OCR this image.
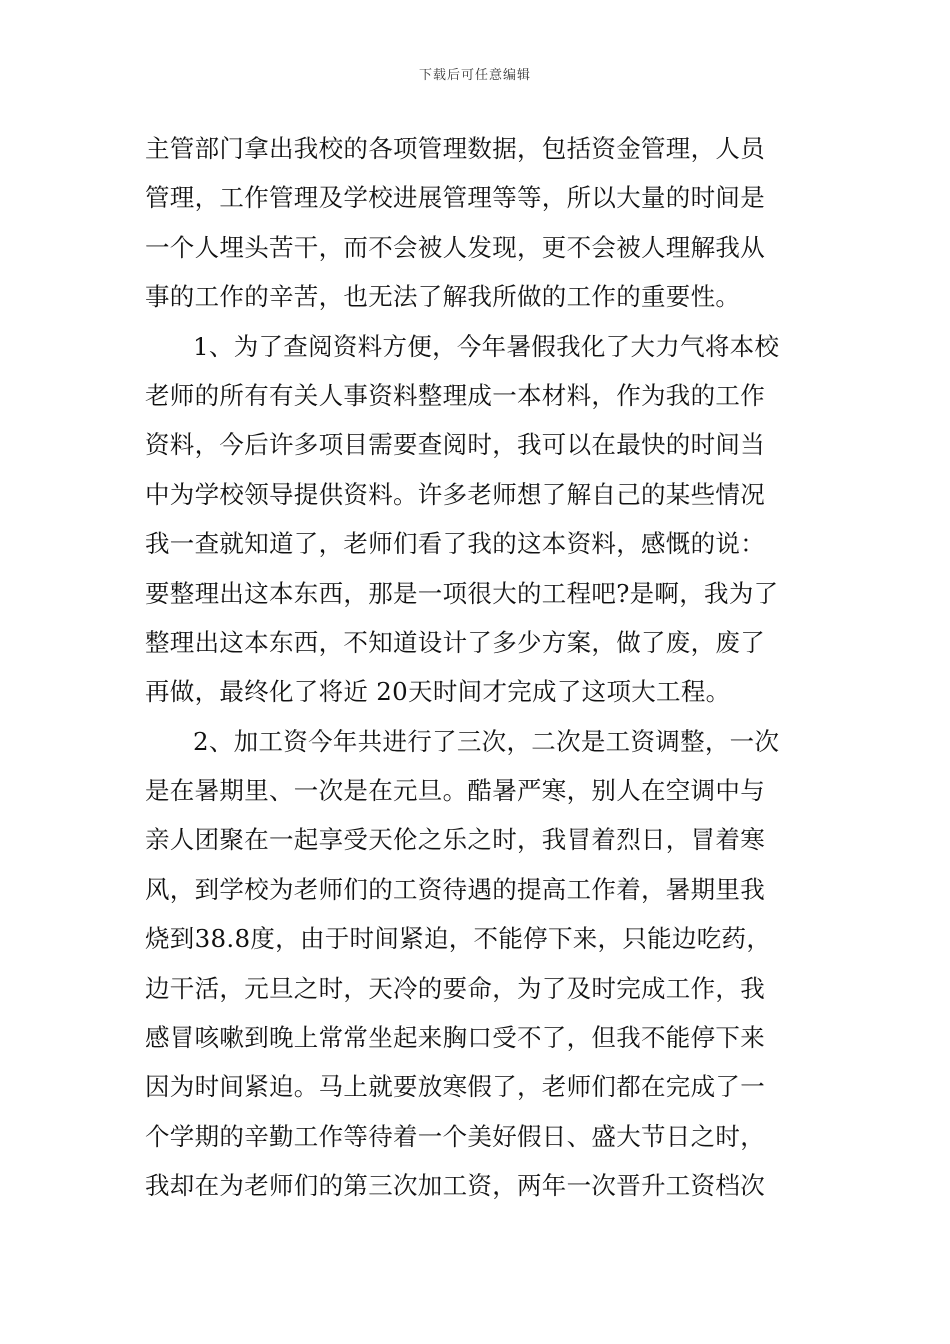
下载后可任意编辑
主管部门拿出我校的各项管理数据，包括资金管理，人员
管理，工作管理及学校进展管理等等，所以大量的时间是
一个人埋头苦干，而不会被人发现，更不会被人理解我从
事的工作的辛苦，也无法了解我所做的工作的重要性。
1、为了查阅资料方便，今年暑假我化了大力气将本校
老师的所有有关人事资料整理成一本材料，作为我的工作
资料，今后许多项目需要查阅时，我可以在最快的时间当
中为学校领导提供资料。许多老师想了解自己的某些情况
我一查就知道了，老师们看了我的这本资料，感慨的说：
要整理出这本东西，那是一项很大的工程吧?是啊，我为了
整理出这本东西，不知道设计了多少方案，做了废，废了
再做，最终化了将近 20天时间才完成了这项大工程。
2、加工资今年共进行了三次，二次是工资调整，一次
是在暑期里、一次是在元旦。酷暑严寒，别人在空调中与
亲人团聚在一起享受天伦之乐之时，我冒着烈日，冒着寒
风，到学校为老师们的工资待遇的提高工作着，暑期里我
烧到38.8度，由于时间紧迫，不能停下来，只能边吃药，
边干活，元旦之时，天冷的要命，为了及时完成工作，我
感冒咳嗽到晚上常常坐起来胸口受不了，但我不能停下来
因为时间紧迫。马上就要放寒假了，老师们都在完成了一
个学期的辛勤工作等待着一个美好假日、盛大节日之时，
我却在为老师们的第三次加工资，两年一次晋升工资档次
